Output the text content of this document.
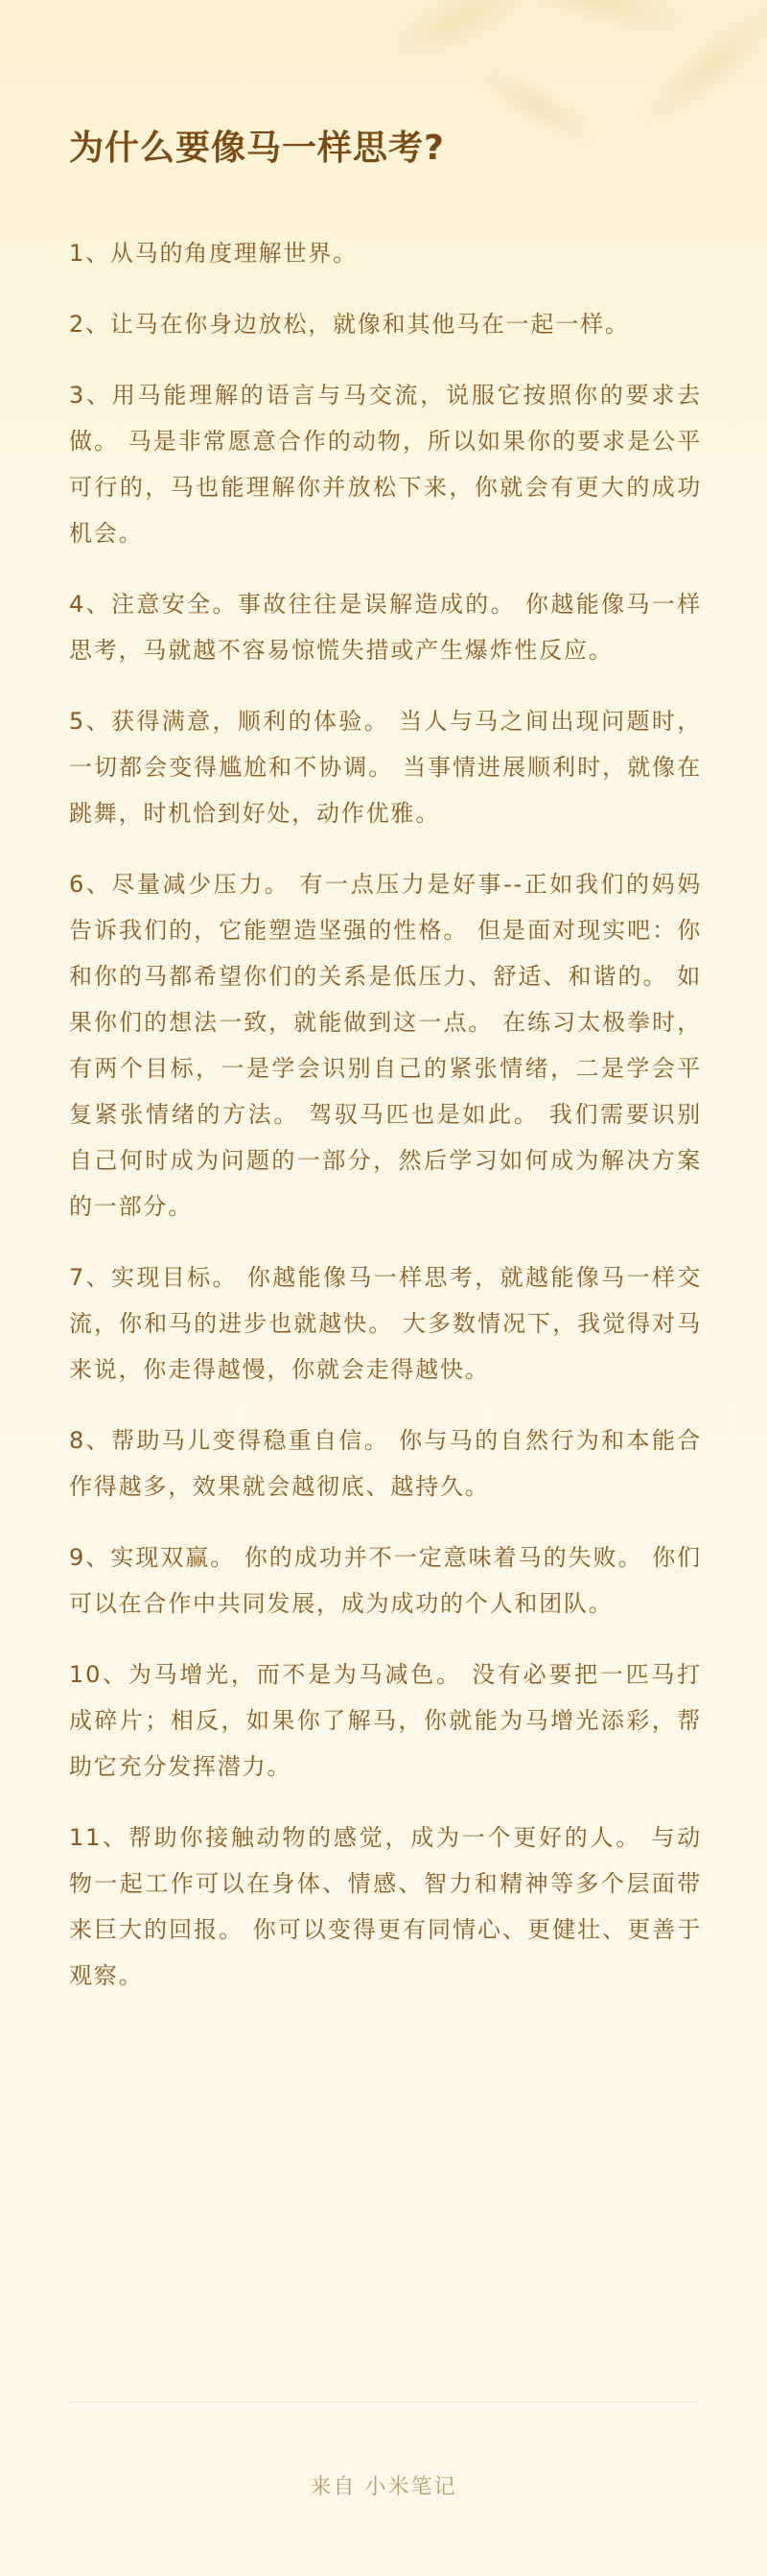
为什么要像马一样思考?
1、从马的角度理解世界。
2、让马在你身边放松，就像和其他马在一起一样。
3、用马能理解的语言与马交流，说服它按照你的要求去做。 马是非常愿意合作的动物，所以如果你的要求是公平可行的，马也能理解你并放松下来，你就会有更大的成功机会。
4、注意安全。事故往往是误解造成的。 你越能像马一样思考，马就越不容易惊慌失措或产生爆炸性反应。
5、获得满意，顺利的体验。 当人与马之间出现问题时，一切都会变得尴尬和不协调。 当事情进展顺利时，就像在跳舞，时机恰到好处，动作优雅。
6、尽量减少压力。 有一点压力是好事--正如我们的妈妈告诉我们的，它能塑造坚强的性格。 但是面对现实吧：你和你的马都希望你们的关系是低压力、舒适、和谐的。 如果你们的想法一致，就能做到这一点。 在练习太极拳时，有两个目标，一是学会识别自己的紧张情绪，二是学会平复紧张情绪的方法。 驾驭马匹也是如此。 我们需要识别自己何时成为问题的一部分，然后学习如何成为解决方案的一部分。
7、实现目标。 你越能像马一样思考，就越能像马一样交流，你和马的进步也就越快。 大多数情况下，我觉得对马来说，你走得越慢，你就会走得越快。
8、帮助马儿变得稳重自信。 你与马的自然行为和本能合作得越多，效果就会越彻底、越持久。
9、实现双赢。 你的成功并不一定意味着马的失败。 你们可以在合作中共同发展，成为成功的个人和团队。
10、为马增光，而不是为马减色。 没有必要把一匹马打成碎片；相反，如果你了解马，你就能为马增光添彩，帮助它充分发挥潜力。
11、帮助你接触动物的感觉，成为一个更好的人。 与动物一起工作可以在身体、情感、智力和精神等多个层面带来巨大的回报。 你可以变得更有同情心、更健壮、更善于观察。
来自 小米笔记
